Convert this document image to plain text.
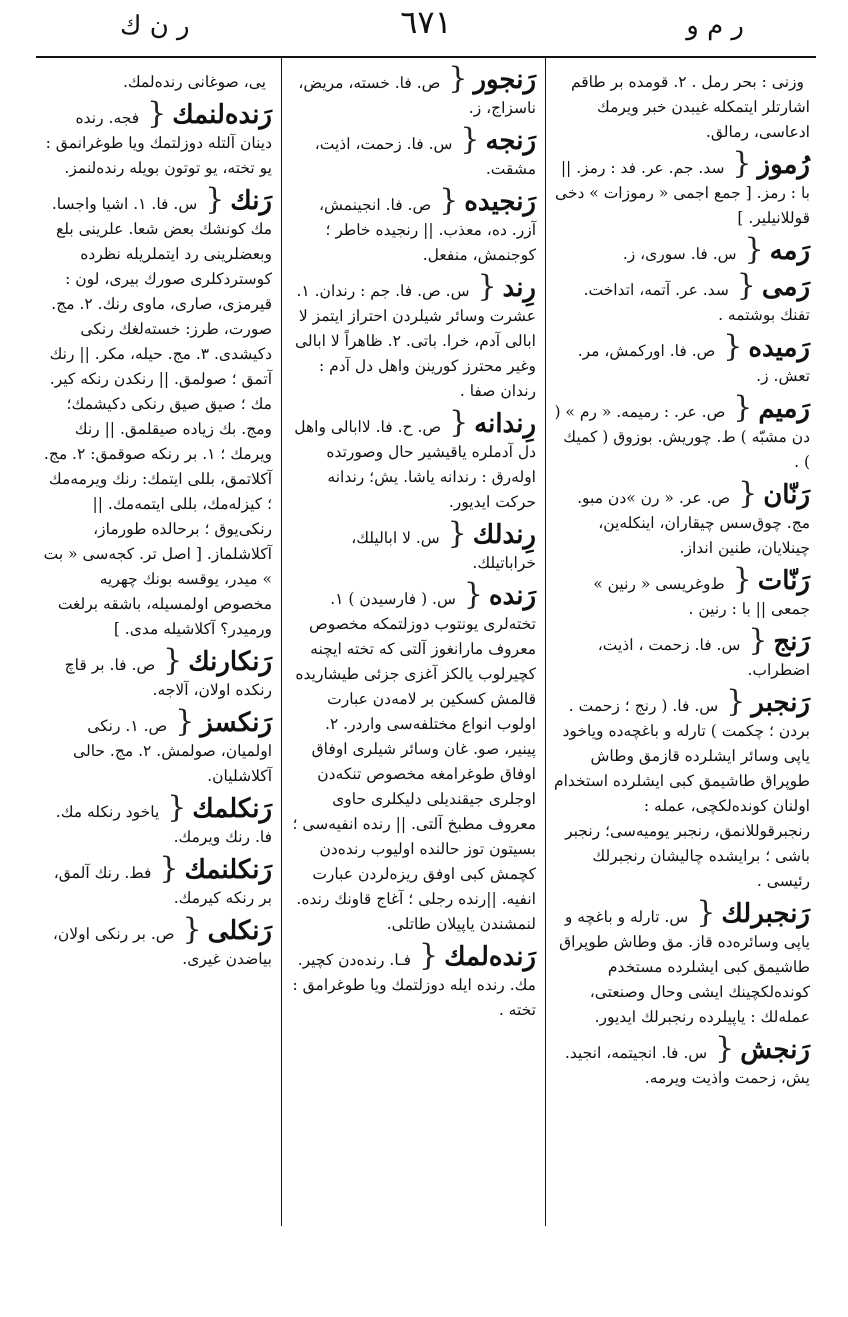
ر ن ك	٦٧١	ر م و
وزنی : بحر رمل . ٢. قومده بر طاقم اشارتلر ایتمکله غیبدن خبر ویرمك ادعاسی، رمالق.
رُموز{ سد. جم. عر. فد : رمز. ||‌ با : رمز. [ جمع اجمی « رموزات » دخی قوللانیلیر. ]
رَمه{ س. فا. سوری، ز.
رَمی{ سد. عر. آتمه، اتداخت. تفنك بوشتمه .
رَمیده{ ص. فا. اورکمش، مر. تعش. ز.
رَمیم{ ص. عر. : رمیمه. « رم » ( دن مشبّه ) ط. چوریش. بوزوق ( کمیك ) .
رَنّان{ ص. عر. « رن »دن مبو. مج. چوق‌سس چیقاران، اینکله‌ین، چینلایان، طنین انداز.
رَنّات{ ط‌وغریسی « رنین » جمعی ||‌ با : رنین .
رَنج{ س. فا. زحمت ، اذیت، اضطراب.
رَنجبر{ س. فا. ( رنج ؛ زحمت . بردن ؛ چکمت ) تارله و باغچه‌ده ویاخود یاپی وسائر ایشلرده قازمق وطاش طوپراق طاشیمق کبی ایشلرده استخدام اولنان کونده‌لکچی، عمله : رنجبرقوللانمق، رنجبر یومیه‌سی؛ رنجبر باشی ؛ برایشده چالیشان رنجبرلك رئیسی .
رَنجبرلك{ س. تارله و باغچه و یاپی وسائره‌ده قاز. مق وطاش طوپراق طاشیمق کبی ایشلرده مستخدم کونده‌لکچینك ایشی وحال وصنعتی، عمله‌لك : یاپیلرده رنجبرلك ایدیور.
رَنجش{ س. فا. انجیتمه، انجید. یش، زحمت واذیت ویرمه.
رَنجور{ ص. فا. خسته، مریض، ناسزاج، ز.
رَنجه{ س. فا. زحمت، اذیت، مشقت.
رَنجیده{ ص. فا. انجینمش، آزر. ده، معذب. ||‌ رنجیده خاطر ؛ کوجنمش، منفعل.
رِند{ س. ص. فا. جم : رندان. ١. عشرت وسائر شیلردن احتراز ایتمز لا ابالی آدم، خرا. باتی. ٢. ظاهراً لا ابالی وغیر محترز کورینن واهل دل آدم : رندان صفا .
رِندانه{ ص. ح. فا. لاابالی واهل دل آدملره یاقیشیر حال وصورتده اولەرق : رندانه یاشا. یش؛ رندانه حرکت ایدیور.
رِندلك{ س. لا ابالیلك، خراباتیلك.
رَنده{ س. ( فارسیدن ) ١. تخته‌لری یونتوب دوزلتمکه مخصوص معروف مارانغوز آلتی که تخته ایچنه کچیرلوب یالکز آغزی جزئی طیشاریده قالمش کسکین بر لامه‌دن عبارت اولوب انواع مختلفه‌سی واردر. ٢. پینیر، صو. غان وسائر شیلری اوفاق اوفاق طوغرامغه مخصوص تنکه‌دن اوجلری جیقندیلی دلیکلری حاوی معروف مطبخ آلتی. ||‌ رنده انفیه‌سی ؛ بسیتون توز حالنده اولیوب رنده‌دن کچمش کبی اوفق ریزه‌لردن عبارت انفیه. ||‌رنده رجلی ؛ آغاج قاونك رنده. لنمشندن یاپیلان طاتلی.
رَنده‌لمك{ فـا. رنده‌دن کچیر. مك. رنده ایله دوزلتمك ویا طوغرامق : تخته .
یی، صوغانی رنده‌لمك.
رَنده‌لنمك{ فجه. رنده دینان آلتله دوزلتمك ویا طوغرانمق : یو تخته، یو توتون بویله رنده‌لنمز.
رَنك{ س. فا. ١. اشیا واجسا. مك کونشك بعض شعا. علرینی بلع وبعضلرینی رد ایتملریله نظرده کوستردکلری صورك بیری، لون : قیرمزی، صاری، ماوی رنك. ٢. مج. صورت، طرز: خسته‌لغك رنکی دکیشدی. ٣. مج. حیله، مکر. ||‌ رنك آتمق ؛ صولمق. ||‌ رنکدن رنکه کیر. مك ؛ صیق صیق رنکی دکیشمك؛ ومج. بك زیاده صیقلمق. ||‌ رنك ویرمك ؛ ١. بر رنکه صوقمق: ٢. مج. آکلاتمق، بللی ایتمك: رنك ویرمه‌مك ؛ کیزله‌مك، بللی ایتمه‌مك. ||‌ رنکی‌یوق ؛ برحالده طورماز، آکلاشلماز. [ اصل تر. کجه‌سی « بت » میدر، یوقسه بونك چهریه مخصوص اولمسیله، باشقه برلغت ورمیدر؟ آکلاشیله مدی. ]
رَنکارنك{ ص. فا. بر قاچ رنکده اولان، آلاجه.
رَنکسز{ ص. ١. رنکی اولمیان، صولمش. ٢. مج. حالی آکلاشلیان.
رَنکلمك{ یاخود رنکله مك. فا. رنك ویرمك.
رَنکلنمك{ فط. رنك آلمق، بر رنکه کیرمك.
رَنکلی{ ص. بر رنکی اولان، بیاضدن غیری.
